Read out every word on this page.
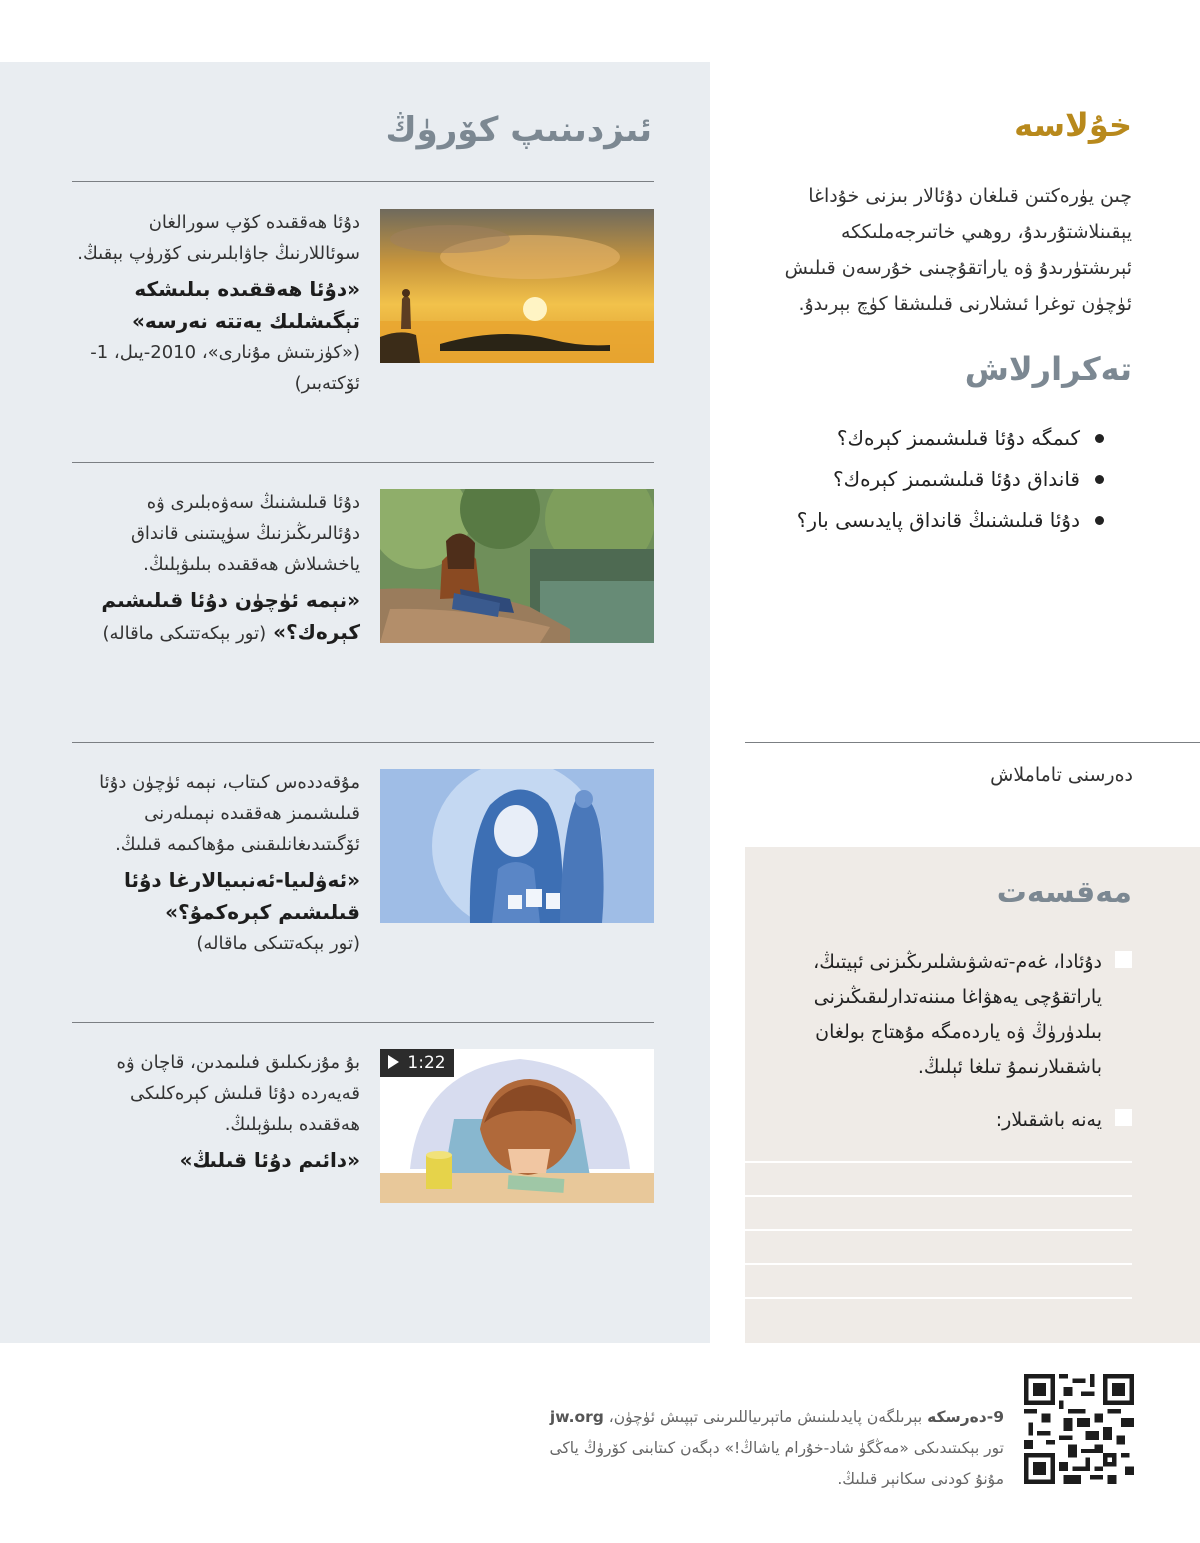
ئىزدىنىپ كۆرۈڭ
دۇئا ھەققىدە كۆپ سورالغان سوئاللارنىڭ جاۋابلىرىنى كۆرۈپ بېقىڭ.
«دۇئا ھەققىدە بىلىشكە تېگىشلىك يەتتە نەرسە»
(«كۈزىتىش مۇنارى»، 2010-يىل، 1-ئۆكتەبىر)
دۇئا قىلىشنىڭ سەۋەبلىرى ۋە دۇئالىرىڭىزنىڭ سۈپىتىنى قانداق ياخشىلاش ھەققىدە بىلىۋېلىڭ.
«نېمە ئۈچۈن دۇئا قىلىشىم كېرەك؟» (تور بېكەتتىكى ماقالە)
مۇقەددەس كىتاب، نېمە ئۈچۈن دۇئا قىلىشىمىز ھەققىدە نېمىلەرنى ئۆگىتىدىغانلىقىنى مۇھاكىمە قىلىڭ.
«ئەۋلىيا-ئەنبىيالارغا دۇئا قىلىشىم كېرەكمۇ؟»
(تور بېكەتتىكى ماقالە)
1:22
بۇ مۇزىكىلىق فىلىمدىن، قاچان ۋە قەيەردە دۇئا قىلىش كېرەكلىكى ھەققىدە بىلىۋېلىڭ.
«دائىم دۇئا قىلىڭ»
خۇلاسە

چىن يۈرەكتىن قىلغان دۇئالار بىزنى خۇداغا يېقىنلاشتۇرىدۇ، روھىي خاتىرجەملىككە ئېرىشتۈرىدۇ ۋە ياراتقۇچىنى خۇرسەن قىلىش ئۈچۈن توغرا ئىشلارنى قىلىشقا كۈچ بېرىدۇ.

تەكرارلاش
كىمگە دۇئا قىلىشىمىز كېرەك؟
قانداق دۇئا قىلىشىمىز كېرەك؟
دۇئا قىلىشنىڭ قانداق پايدىسى بار؟
دەرسنى تاماملاش
مەقسەت
دۇئادا، غەم-تەشۋىشلىرىڭىزنى ئېيتىڭ، ياراتقۇچى يەھۋاغا مىننەتدارلىقىڭىزنى بىلدۈرۈڭ ۋە ياردەمگە مۇھتاج بولغان باشقىلارنىمۇ تىلغا ئېلىڭ.
يەنە باشقىلار:

9-دەرسكە بېرىلگەن پايدىلىنىش ماتېرىياللىرىنى تېپىش ئۈچۈن، jw.org تور بېكىتىدىكى «مەڭگۈ شاد-خۇرام ياشاڭ!» دېگەن كىتابنى كۆرۈڭ ياكى مۇنۇ كودنى سكانېر قىلىڭ.
